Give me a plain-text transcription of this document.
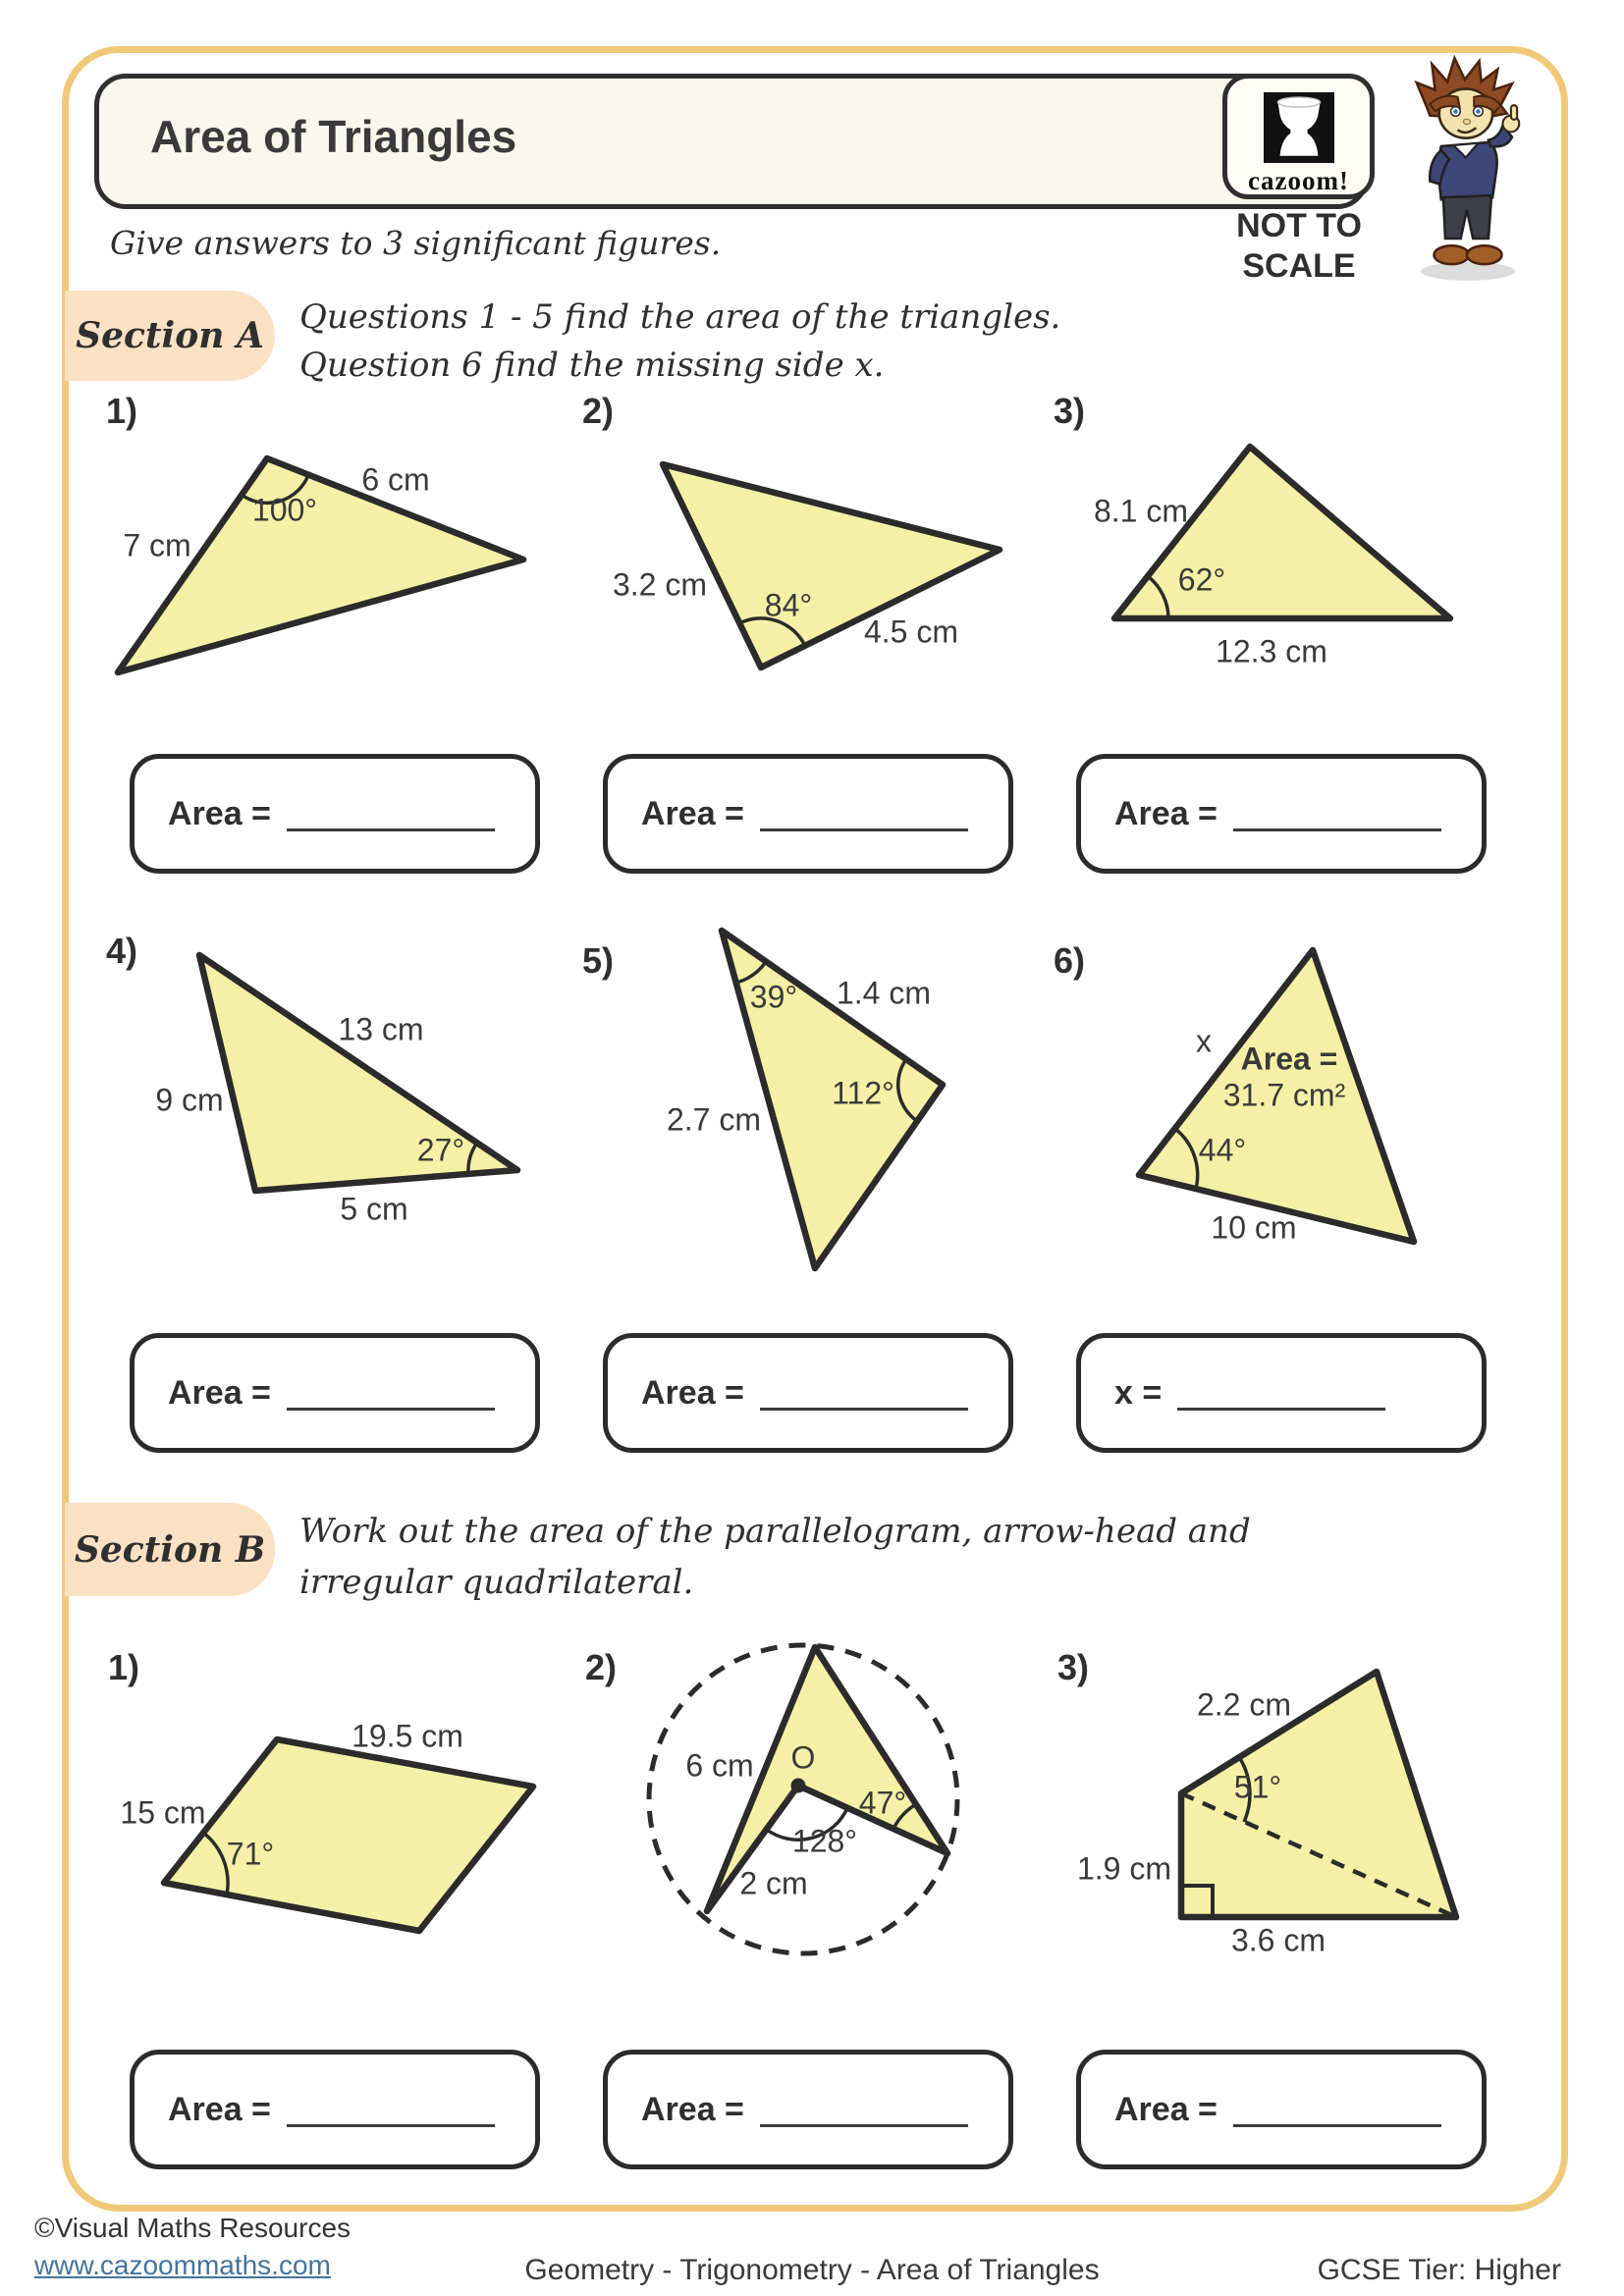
Area of Triangles
cazoom!
NOT TO
SCALE
Give answers to 3 significant figures.
Section A	Questions 1 - 5 find the area of the triangles.
Question 6 find the missing side x.
Section B Work out the area of the parallelogram, arrow-head and
irregular quadrilateral.
1)
6 cm
100°
7 cm
2)
3.2 cm
84°
4.5 cm
3)
8.1 cm
62°
12.3 cm
4)
13 cm
9 cm
27°
5 cm
5)
39° 1.4 cm
112°
2.7 cm
6)
x Area =
31.7 cm²
44°
10 cm
1)
19.5 cm
15 cm
71°
2)
6 cm O
47°
128°
2 cm
3)
2.2 cm
51°
1.9 cm
3.6 cm
Area =	Area =	Area =
Area =	Area =	x =
Area =	Area =	Area =
©Visual Maths Resources
www.cazoommaths.com	Geometry - Trigonometry - Area of Triangles	GCSE Tier: Higher
